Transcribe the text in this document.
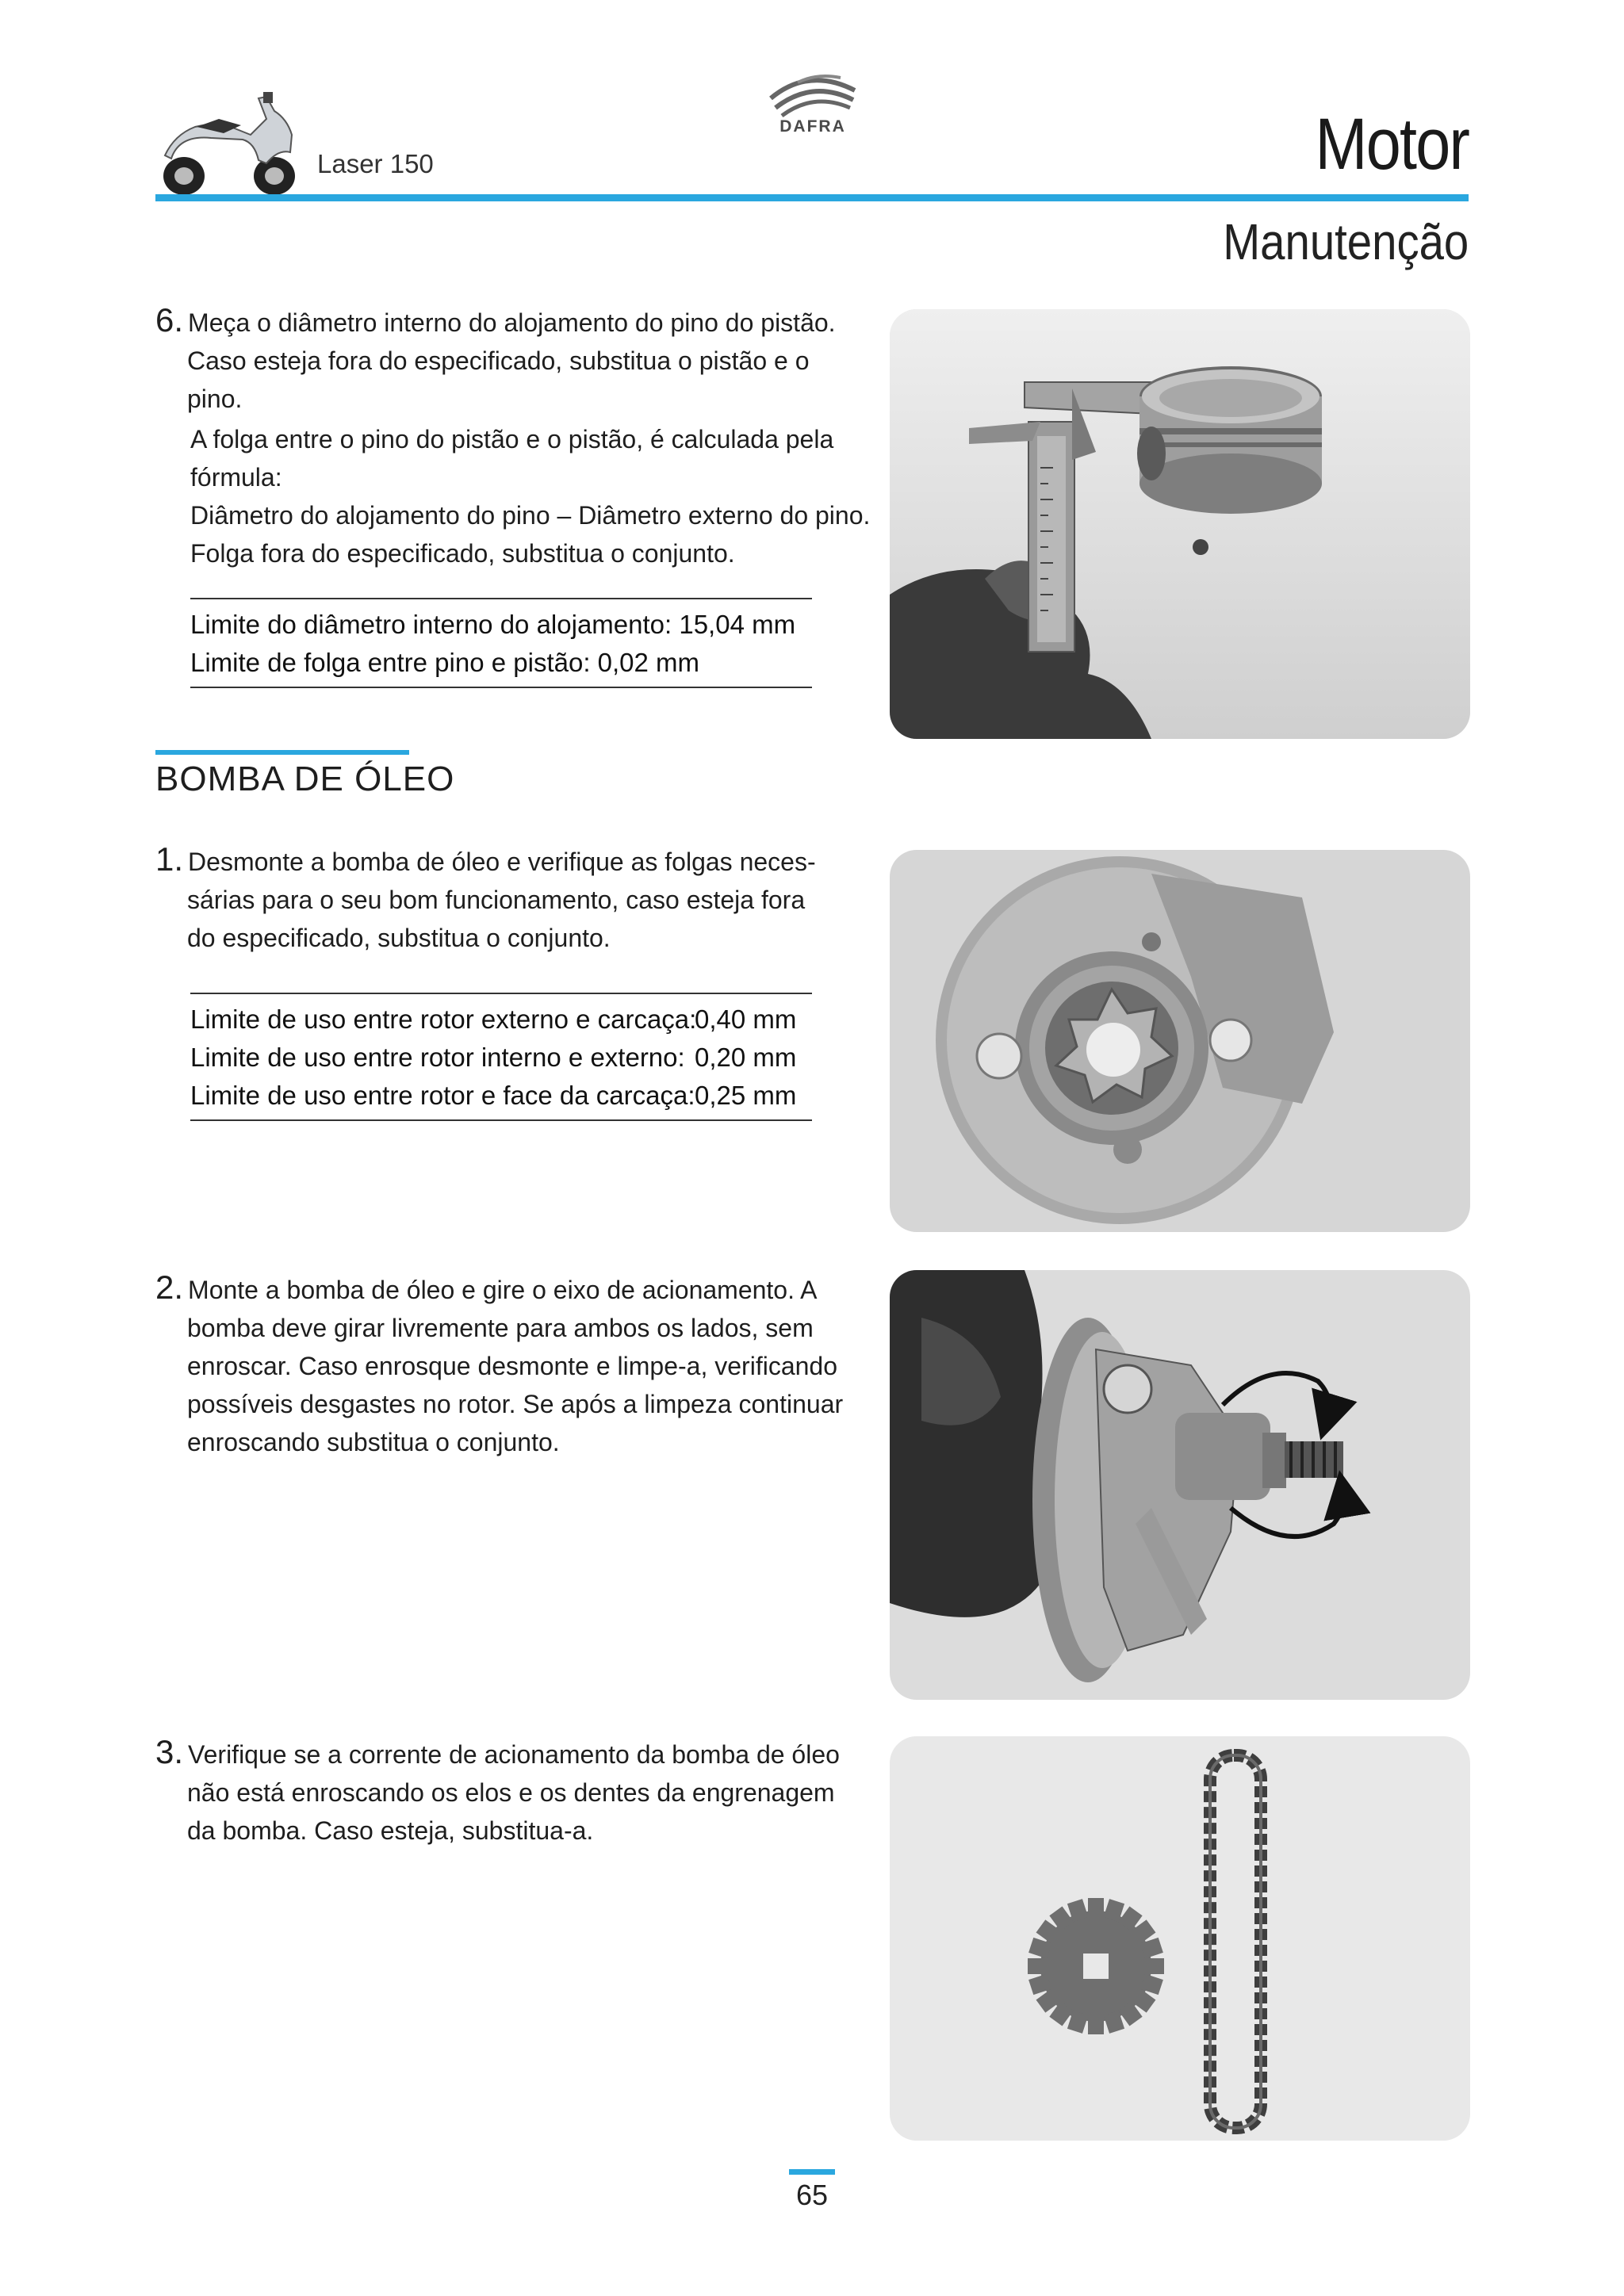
Laser 150
DAFRA	Motor
Manutenção
6. Meça o diâmetro interno do alojamento do pino do pistão.
Caso esteja fora do especificado, substitua o pistão e o pino.
A folga entre o pino do pistão e o pistão, é calculada pela
fórmula:
Diâmetro do alojamento do pino – Diâmetro externo do pino.
Folga fora do especificado, substitua o conjunto.
Limite do diâmetro interno do alojamento: 15,04 mm
Limite de folga entre pino e pistão: 0,02 mm
BOMBA DE ÓLEO
1. Desmonte a bomba de óleo e verifique as folgas neces-
sárias para o seu bom funcionamento, caso esteja fora
do especificado, substitua o conjunto.
Limite de uso entre rotor externo e carcaça:
0,40 mm
Limite de uso entre rotor interno e externo: 0,20 mm
Limite de uso entre rotor e face da carcaça: 0,25 mm
2. Monte a bomba de óleo e gire o eixo de acionamento. A
bomba deve girar livremente para ambos os lados, sem
enroscar. Caso enrosque desmonte e limpe-a, verificando
possíveis desgastes no rotor. Se após a limpeza continuar
enroscando substitua o conjunto.
3. Verifique se a corrente de acionamento da bomba de óleo
não está enroscando os elos e os dentes da engrenagem
da bomba. Caso esteja, substitua-a.
65
